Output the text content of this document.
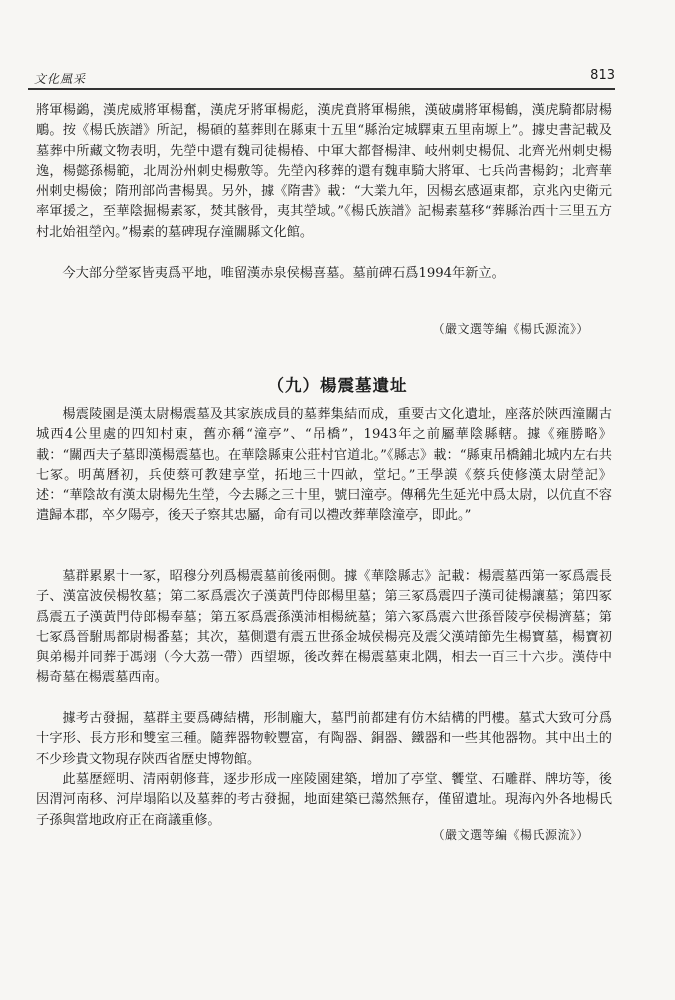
文化風采	813

將軍楊鷁，漢虎威將軍楊奮，漢虎牙將軍楊彪，漢虎賁將軍楊熊，漢破虜將軍楊鶴，漢虎騎都尉楊鵰。按《楊氏族譜》所記，楊碩的墓葬則在縣東十五里“縣治定城驛東五里南塬上”。據史書記載及墓葬中所藏文物表明，先塋中還有魏司徒楊椿、中軍大都督楊津、岐州刺史楊侃、北齊光州刺史楊逸，楊懿孫楊範，北周汾州刺史楊敷等。先塋內移葬的還有魏車騎大將軍、七兵尚書楊鈞；北齊華州刺史楊儉；隋刑部尚書楊異。另外，據《隋書》載：“大業九年，因楊玄感逼東都，京兆內史衛元率軍援之，至華陰掘楊素冢，焚其骸骨，夷其塋域。”《楊氏族譜》記楊素墓移“葬縣治西十三里五方村北始祖塋內。”楊素的墓碑現存潼關縣文化館。

今大部分塋冢皆夷爲平地，唯留漢赤泉侯楊喜墓。墓前碑石爲1994年新立。

（嚴文選等編《楊氏源流》）
（九）楊震墓遺址

楊震陵園是漢太尉楊震墓及其家族成員的墓葬集結而成，重要古文化遺址，座落於陝西潼關古城西4公里處的四知村東，舊亦稱“潼亭”、“吊橋”，1943年之前屬華陰縣轄。據《雍勝略》載：“關西夫子墓即漢楊震墓也。在華陰縣東公莊村官道北。”《縣志》載：“縣東吊橋鋪北城内左右共七冢。明萬曆初，兵使蔡可教建享堂，拓地三十四畝，堂圮。”王學謨《蔡兵使修漢太尉塋記》述：“華陰故有漢太尉楊先生塋，今去縣之三十里，號曰潼亭。傳稱先生延光中爲太尉，以伉直不容遣歸本郡，卒夕陽亭，後天子察其忠屬，命有司以禮改葬華陰潼亭，即此。”

墓群累累十一冢，昭穆分列爲楊震墓前後兩側。據《華陰縣志》記載：楊震墓西第一冢爲震長子、漢富波侯楊牧墓；第二冢爲震次子漢黃門侍郎楊里墓；第三冢爲震四子漢司徒楊讓墓；第四冢爲震五子漢黃門侍郎楊奉墓；第五冢爲震孫漢沛相楊統墓；第六冢爲震六世孫晉陵亭侯楊濟墓；第七冢爲晉駙馬都尉楊番墓；其次，墓側還有震五世孫金城侯楊亮及震父漢靖節先生楊寶墓，楊寶初與弟楊并同葬于馮翊（今大荔一帶）西望塬，後改葬在楊震墓東北隅，相去一百三十六步。漢侍中楊奇墓在楊震墓西南。

據考古發掘，墓群主要爲磚結構，形制龐大，墓門前都建有仿木結構的門樓。墓式大致可分爲十字形、長方形和雙室三種。隨葬器物較豐富，有陶器、銅器、鐵器和一些其他器物。其中出土的不少珍貴文物現存陝西省歷史博物館。

此墓歷經明、清兩朝修葺，逐步形成一座陵園建築，增加了亭堂、饗堂、石雕群、牌坊等，後因渭河南移、河岸塌陷以及墓葬的考古發掘，地面建築已蕩然無存，僅留遺址。現海內外各地楊氏子孫與當地政府正在商議重修。

（嚴文選等編《楊氏源流》）
